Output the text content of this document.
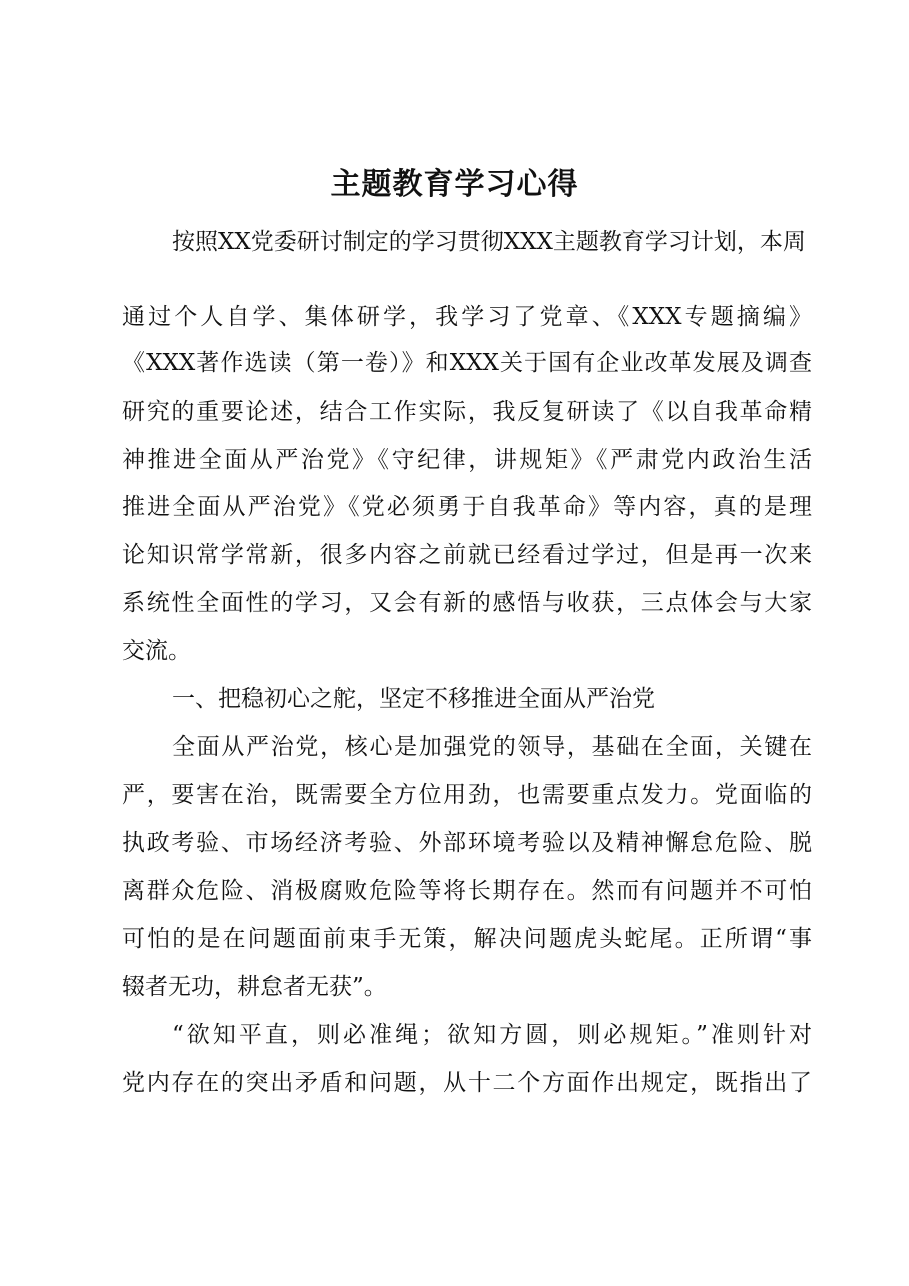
主题教育学习心得
按照XX党委研讨制定的学习贯彻XXX主题教育学习计划，本周
通过个人自学、集体研学，我学习了党章、《XXX专题摘编》
《XXX著作选读（第一卷）》和XXX关于国有企业改革发展及调查
研究的重要论述，结合工作实际，我反复研读了《以自我革命精
神推进全面从严治党》《守纪律，讲规矩》《严肃党内政治生活
推进全面从严治党》《党必须勇于自我革命》等内容，真的是理
论知识常学常新，很多内容之前就已经看过学过，但是再一次来
系统性全面性的学习，又会有新的感悟与收获，三点体会与大家
交流。
一、把稳初心之舵，坚定不移推进全面从严治党
全面从严治党，核心是加强党的领导，基础在全面，关键在
严，要害在治，既需要全方位用劲，也需要重点发力。党面临的
执政考验、市场经济考验、外部环境考验以及精神懈怠危险、脱
离群众危险、消极腐败危险等将长期存在。然而有问题并不可怕
可怕的是在问题面前束手无策，解决问题虎头蛇尾。正所谓“事
辍者无功，耕怠者无获”。
“欲知平直，则必准绳；欲知方圆，则必规矩。”准则针对
党内存在的突出矛盾和问题，从十二个方面作出规定，既指出了
